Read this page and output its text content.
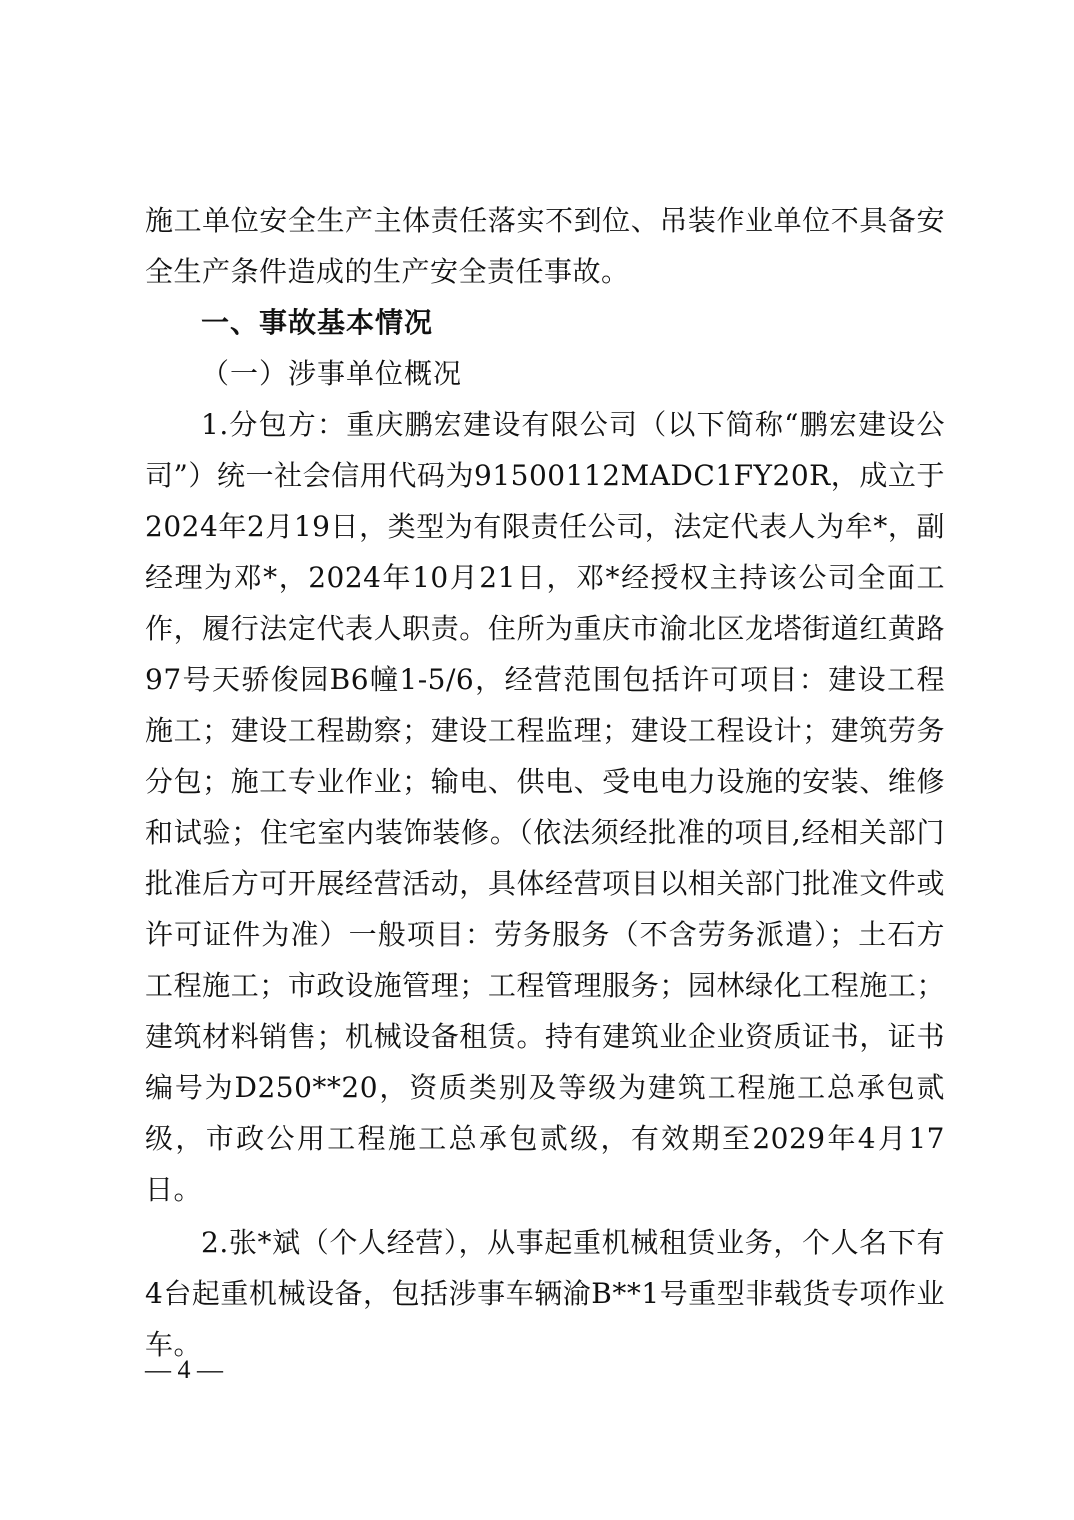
施工单位安全生产主体责任落实不到位、吊装作业单位不具备安全生产条件造成的生产安全责任事故。

一、事故基本情况

（一）涉事单位概况

1.分包方：重庆鹏宏建设有限公司（以下简称“鹏宏建设公司”）统一社会信用代码为91500112MADC1FY20R，成立于2024年2月19日，类型为有限责任公司，法定代表人为牟*，副经理为邓*，2024年10月21日，邓*经授权主持该公司全面工作，履行法定代表人职责。住所为重庆市渝北区龙塔街道红黄路97号天骄俊园B6幢1-5/6，经营范围包括许可项目：建设工程施工；建设工程勘察；建设工程监理；建设工程设计；建筑劳务分包；施工专业作业；输电、供电、受电电力设施的安装、维修和试验；住宅室内装饰装修。（依法须经批准的项目,经相关部门批准后方可开展经营活动，具体经营项目以相关部门批准文件或许可证件为准）一般项目：劳务服务（不含劳务派遣）；土石方工程施工；市政设施管理；工程管理服务；园林绿化工程施工；建筑材料销售；机械设备租赁。持有建筑业企业资质证书，证书编号为D250**20，资质类别及等级为建筑工程施工总承包贰级，市政公用工程施工总承包贰级，有效期至2029年4月17日。

2.张*斌（个人经营），从事起重机械租赁业务，个人名下有4台起重机械设备，包括涉事车辆渝B**1号重型非载货专项作业车。

— 4 —
